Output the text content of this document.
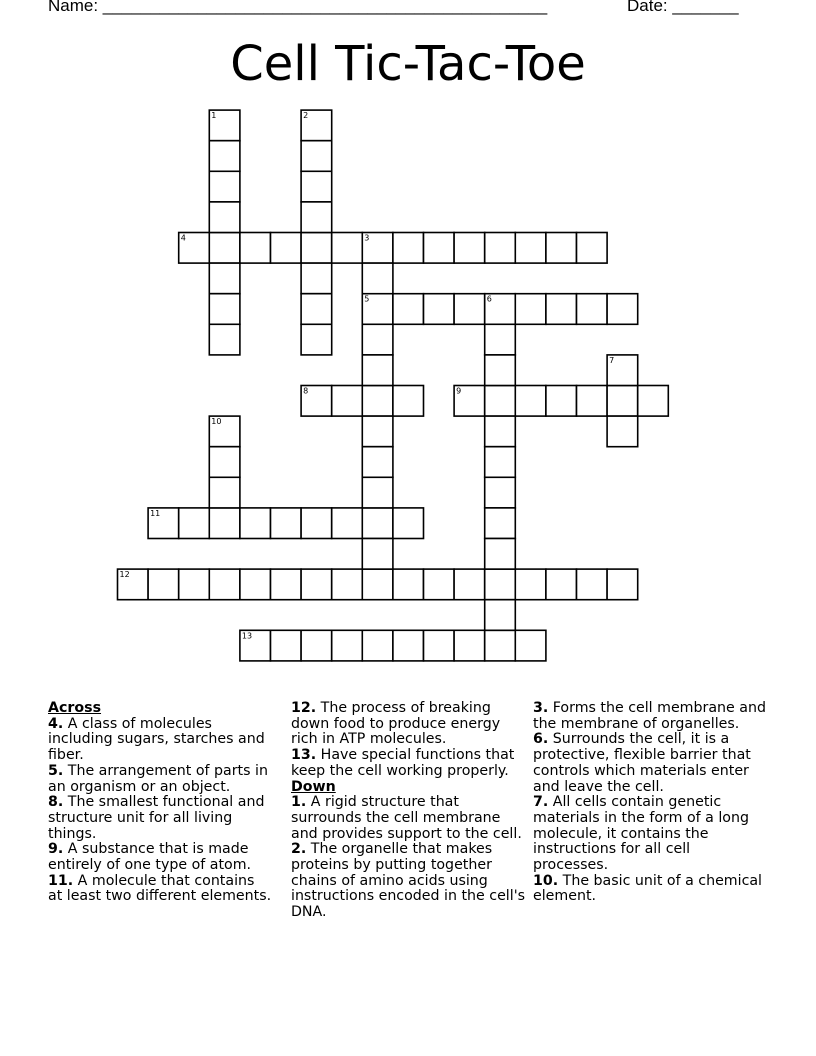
Name: _______________________________________________	Date: _______
Cell Tic-Tac-Toe
4	3
5	6
8	9
11
12
13
1	2
7
10
Across
4. A class of molecules including sugars, starches and fiber.
5. The arrangement of parts in an organism or an object.
8. The smallest functional and structure unit for all living things.
9. A substance that is made entirely of one type of atom.
11. A molecule that contains at least two different elements.
12. The process of breaking down food to produce energy rich in ATP molecules.
13. Have special functions that keep the cell working properly.
Down
1. A rigid structure that surrounds the cell membrane and provides support to the cell.
2. The organelle that makes proteins by putting together chains of amino acids using instructions encoded in the cell's DNA.
3. Forms the cell membrane and the membrane of organelles.
6. Surrounds the cell, it is a protective, flexible barrier that controls which materials enter and leave the cell.
7. All cells contain genetic materials in the form of a long molecule, it contains the instructions for all cell processes.
10. The basic unit of a chemical element.
